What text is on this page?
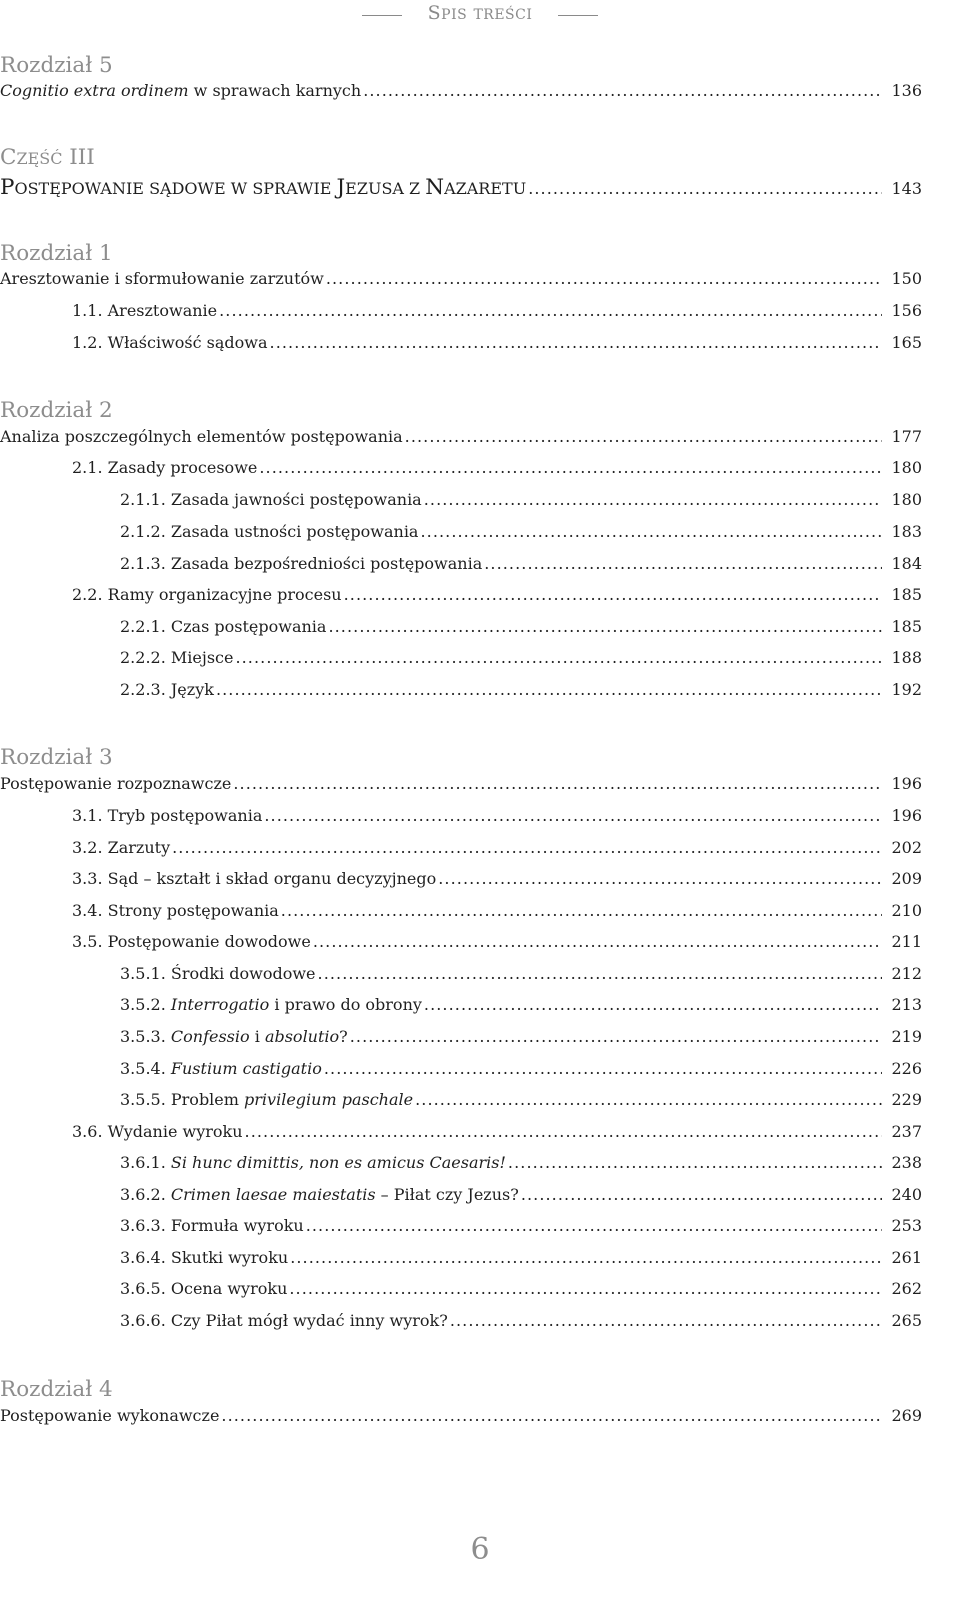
SPIS TREŚCI
Rozdział 5
Cognitio extra ordinem w sprawach karnych . . .	136
CZĘŚĆ III
POSTĘPOWANIE SĄDOWE W SPRAWIE JEZUSA Z NAZARETU . . .	143
Rozdział 1
Aresztowanie i sformułowanie zarzutów . . .	150
1.1. Aresztowanie . . .	156
1.2. Właściwość sądowa . . .	165
Rozdział 2
Analiza poszczególnych elementów postępowania . . .	177
2.1. Zasady procesowe . . .	180
2.1.1. Zasada jawności postępowania . . .	180
2.1.2. Zasada ustności postępowania . . .	183
2.1.3. Zasada bezpośredniości postępowania . . .	184
2.2. Ramy organizacyjne procesu . . .	185
2.2.1. Czas postępowania . . .	185
2.2.2. Miejsce . . .	188
2.2.3. Język . . .	192
Rozdział 3
Postępowanie rozpoznawcze . . .	196
3.1. Tryb postępowania . . .	196
3.2. Zarzuty . . .	202
3.3. Sąd – kształt i skład organu decyzyjnego . . .	209
3.4. Strony postępowania . . .	210
3.5. Postępowanie dowodowe . . .	211
3.5.1. Środki dowodowe . . .	212
3.5.2. Interrogatio i prawo do obrony . . .	213
3.5.3. Confessio i absolutio? . . .	219
3.5.4. Fustium castigatio . . .	226
3.5.5. Problem privilegium paschale . . .	229
3.6. Wydanie wyroku . . .	237
3.6.1. Si hunc dimittis, non es amicus Caesaris! . . .	238
3.6.2. Crimen laesae maiestatis – Piłat czy Jezus? . . .	240
3.6.3. Formuła wyroku . . .	253
3.6.4. Skutki wyroku . . .	261
3.6.5. Ocena wyroku . . .	262
3.6.6. Czy Piłat mógł wydać inny wyrok? . . .	265
Rozdział 4
Postępowanie wykonawcze . . .	269
6
